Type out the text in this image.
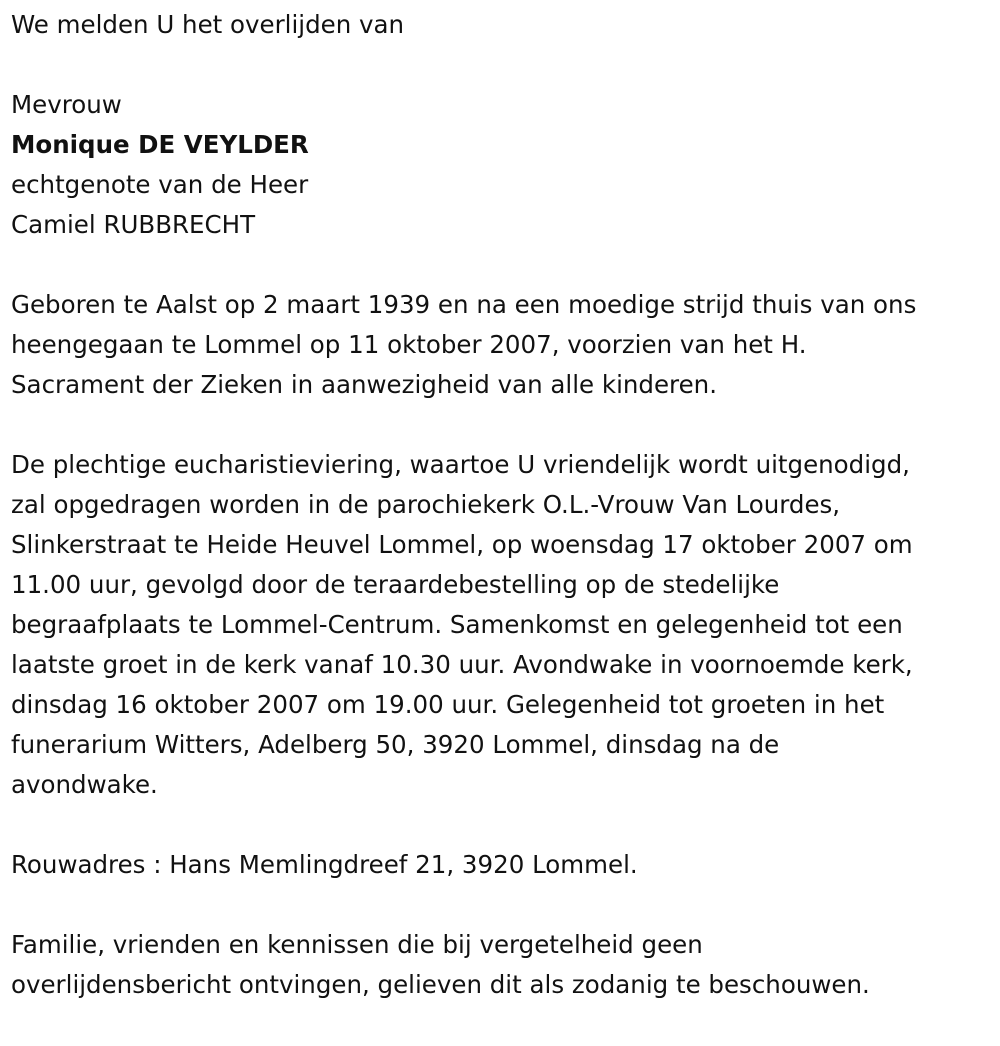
We melden U het overlijden van
Mevrouw
Monique DE VEYLDER
echtgenote van de Heer
Camiel RUBBRECHT
Geboren te Aalst op 2 maart 1939 en na een moedige strijd thuis van ons
heengegaan te Lommel op 11 oktober 2007, voorzien van het H.
Sacrament der Zieken in aanwezigheid van alle kinderen.
De plechtige eucharistieviering, waartoe U vriendelijk wordt uitgenodigd,
zal opgedragen worden in de parochiekerk O.L.-Vrouw Van Lourdes,
Slinkerstraat te Heide Heuvel Lommel, op woensdag 17 oktober 2007 om
11.00 uur, gevolgd door de teraardebestelling op de stedelijke
begraafplaats te Lommel-Centrum. Samenkomst en gelegenheid tot een
laatste groet in de kerk vanaf 10.30 uur. Avondwake in voornoemde kerk,
dinsdag 16 oktober 2007 om 19.00 uur. Gelegenheid tot groeten in het
funerarium Witters, Adelberg 50, 3920 Lommel, dinsdag na de
avondwake.
Rouwadres : Hans Memlingdreef 21, 3920 Lommel.
Familie, vrienden en kennissen die bij vergetelheid geen
overlijdensbericht ontvingen, gelieven dit als zodanig te beschouwen.
